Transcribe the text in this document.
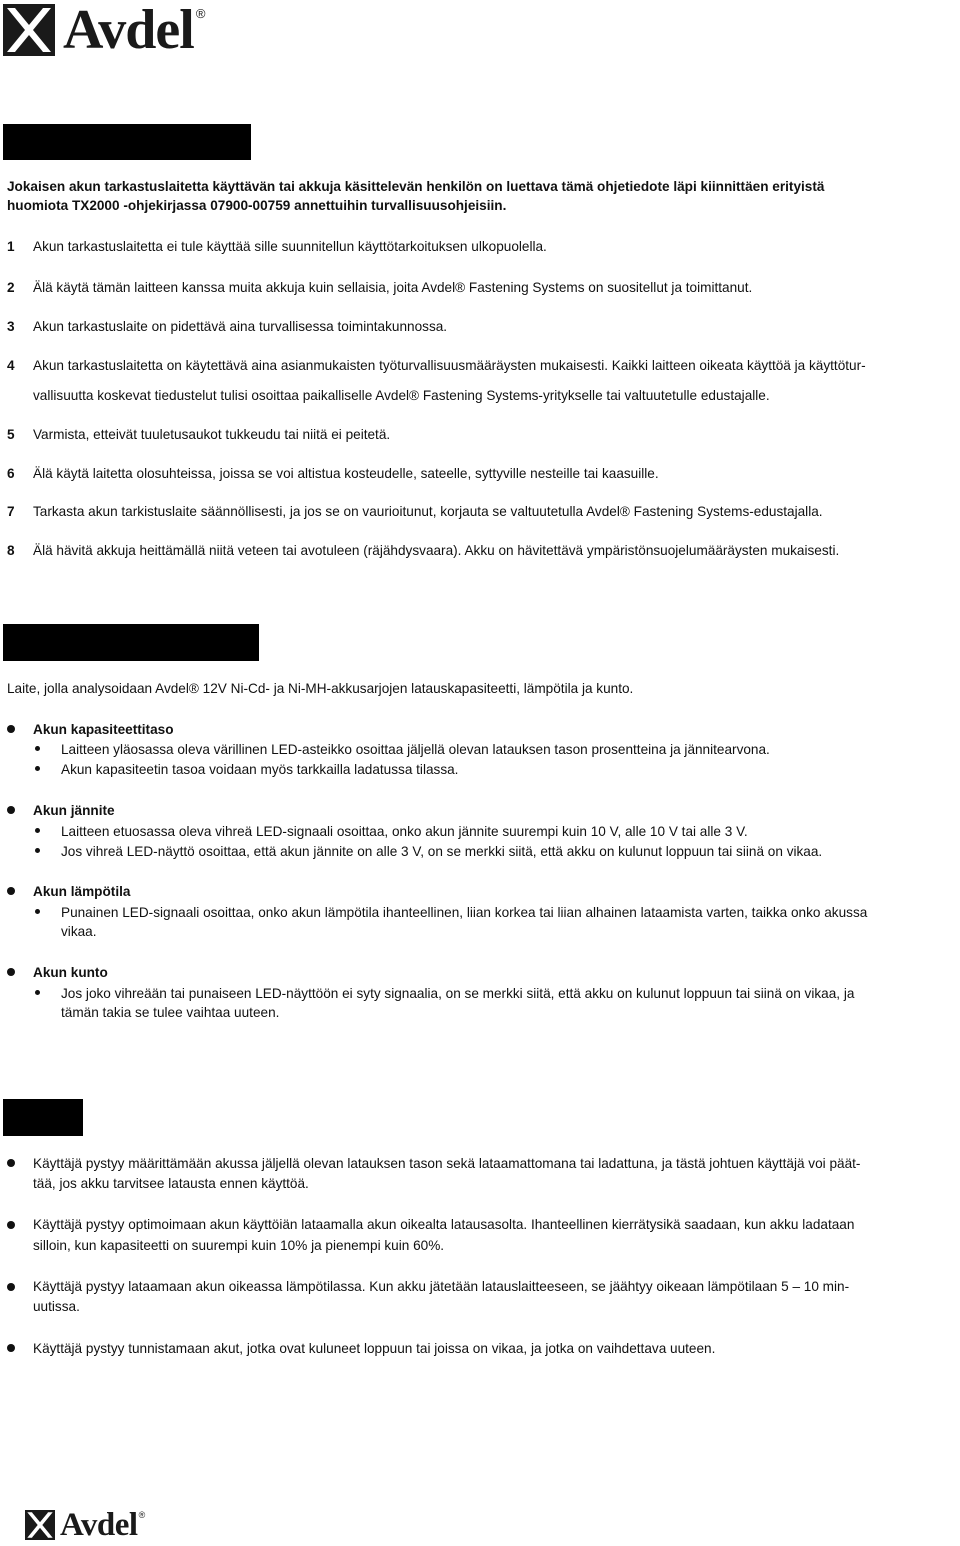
Avdel ®
Jokaisen akun tarkastuslaitetta käyttävän tai akkuja käsittelevän henkilön on luettava tämä ohjetiedote läpi kiinnittäen erityistä
huomiota TX2000 -ohjekirjassa 07900-00759 annettuihin turvallisuusohjeisiin.
1 Akun tarkastuslaitetta ei tule käyttää sille suunnitellun käyttötarkoituksen ulkopuolella.
2 Älä käytä tämän laitteen kanssa muita akkuja kuin sellaisia, joita Avdel® Fastening Systems on suositellut ja toimittanut.
3 Akun tarkastuslaite on pidettävä aina turvallisessa toimintakunnossa.
4 Akun tarkastuslaitetta on käytettävä aina asianmukaisten työturvallisuusmääräysten mukaisesti. Kaikki laitteen oikeata käyttöä ja käyttötur-
vallisuutta koskevat tiedustelut tulisi osoittaa paikalliselle Avdel® Fastening Systems-yritykselle tai valtuutetulle edustajalle.
5 Varmista, etteivät tuuletusaukot tukkeudu tai niitä ei peitetä.
6 Älä käytä laitetta olosuhteissa, joissa se voi altistua kosteudelle, sateelle, syttyville nesteille tai kaasuille.
7 Tarkasta akun tarkistuslaite säännöllisesti, ja jos se on vaurioitunut, korjauta se valtuutetulla Avdel® Fastening Systems-edustajalla.
8 Älä hävitä akkuja heittämällä niitä veteen tai avotuleen (räjähdysvaara). Akku on hävitettävä ympäristönsuojelumääräysten mukaisesti.
Laite, jolla analysoidaan Avdel® 12V Ni-Cd- ja Ni-MH-akkusarjojen latauskapasiteetti, lämpötila ja kunto.
Akun kapasiteettitaso
Laitteen yläosassa oleva värillinen LED-asteikko osoittaa jäljellä olevan latauksen tason prosentteina ja jännitearvona.
Akun kapasiteetin tasoa voidaan myös tarkkailla ladatussa tilassa.
Akun jännite
Laitteen etuosassa oleva vihreä LED-signaali osoittaa, onko akun jännite suurempi kuin 10 V, alle 10 V tai alle 3 V.
Jos vihreä LED-näyttö osoittaa, että akun jännite on alle 3 V, on se merkki siitä, että akku on kulunut loppuun tai siinä on vikaa.
Akun lämpötila
Punainen LED-signaali osoittaa, onko akun lämpötila ihanteellinen, liian korkea tai liian alhainen lataamista varten, taikka onko akussa
vikaa.
Akun kunto
Jos joko vihreään tai punaiseen LED-näyttöön ei syty signaalia, on se merkki siitä, että akku on kulunut loppuun tai siinä on vikaa, ja
tämän takia se tulee vaihtaa uuteen.
Käyttäjä pystyy määrittämään akussa jäljellä olevan latauksen tason sekä lataamattomana tai ladattuna, ja tästä johtuen käyttäjä voi päät-
tää, jos akku tarvitsee latausta ennen käyttöä.
Käyttäjä pystyy optimoimaan akun käyttöiän lataamalla akun oikealta latausasolta. Ihanteellinen kierrätysikä saadaan, kun akku ladataan
silloin, kun kapasiteetti on suurempi kuin 10% ja pienempi kuin 60%.
Käyttäjä pystyy lataamaan akun oikeassa lämpötilassa. Kun akku jätetään latauslaitteeseen, se jäähtyy oikeaan lämpötilaan 5 – 10 min-
uutissa.
Käyttäjä pystyy tunnistamaan akut, jotka ovat kuluneet loppuun tai joissa on vikaa, ja jotka on vaihdettava uuteen.
Avdel ®
